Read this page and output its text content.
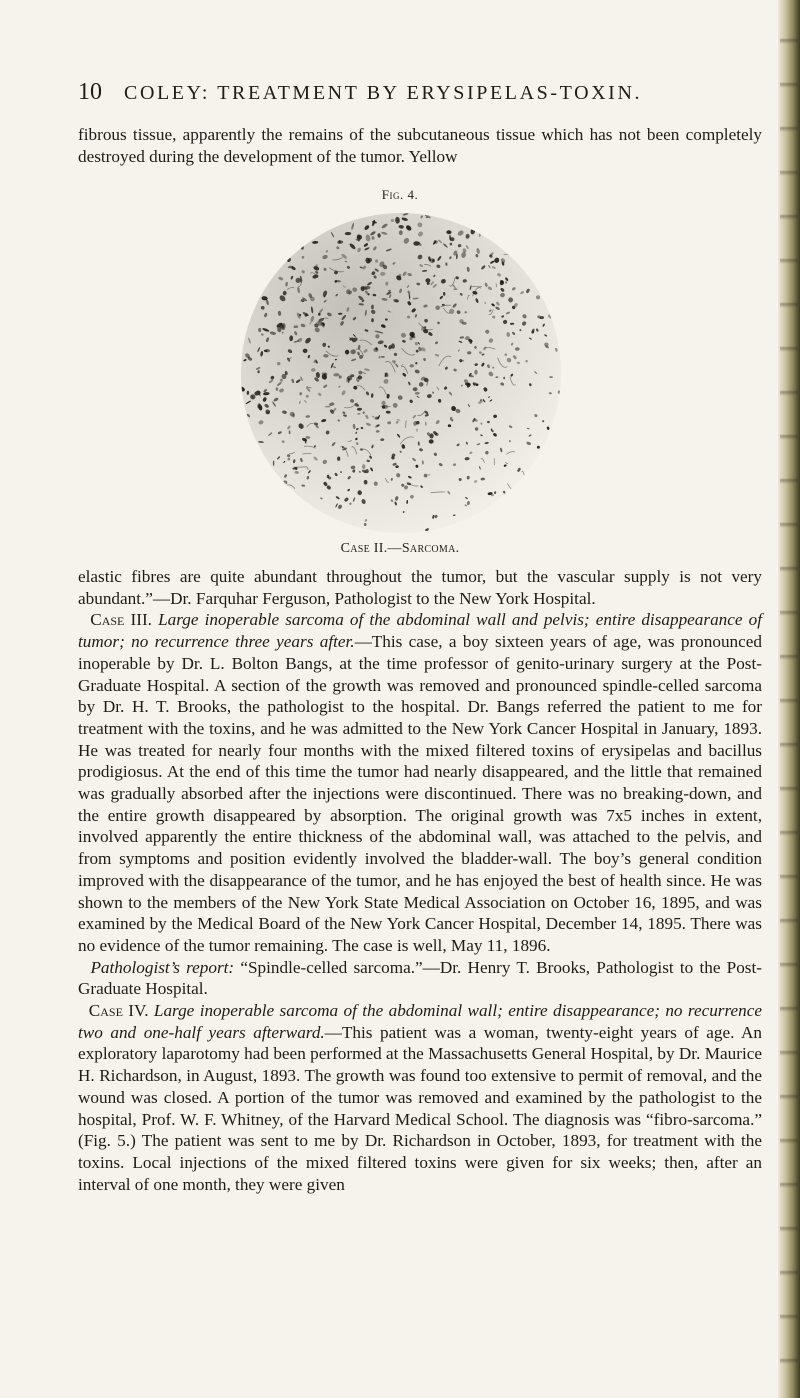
10 COLEY: TREATMENT BY ERYSIPELAS-TOXIN.
fibrous tissue, apparently the remains of the subcutaneous tissue which has not been completely destroyed during the development of the tumor. Yellow
Fig. 4.
Case II.—Sarcoma.

elastic fibres are quite abundant throughout the tumor, but the vascular supply is not very abundant.”—Dr. Farquhar Ferguson, Pathologist to the New York Hospital.

Case III. Large inoperable sarcoma of the abdominal wall and pelvis; entire disappearance of tumor; no recurrence three years after.—This case, a boy sixteen years of age, was pronounced inoperable by Dr. L. Bolton Bangs, at the time professor of genito-urinary surgery at the Post-Graduate Hospital. A section of the growth was removed and pronounced spindle-celled sarcoma by Dr. H. T. Brooks, the pathologist to the hospital. Dr. Bangs referred the patient to me for treatment with the toxins, and he was admitted to the New York Cancer Hospital in January, 1893. He was treated for nearly four months with the mixed filtered toxins of erysipelas and bacillus prodigiosus. At the end of this time the tumor had nearly disappeared, and the little that remained was gradually absorbed after the injections were discontinued. There was no breaking-down, and the entire growth disappeared by absorption. The original growth was 7x5 inches in extent, involved apparently the entire thickness of the abdominal wall, was attached to the pelvis, and from symptoms and position evidently involved the bladder-wall. The boy’s general condition improved with the disappearance of the tumor, and he has enjoyed the best of health since. He was shown to the members of the New York State Medical Association on October 16, 1895, and was examined by the Medical Board of the New York Cancer Hospital, December 14, 1895. There was no evidence of the tumor remaining. The case is well, May 11, 1896.

Pathologist’s report: “Spindle-celled sarcoma.”—Dr. Henry T. Brooks, Pathologist to the Post-Graduate Hospital.

Case IV. Large inoperable sarcoma of the abdominal wall; entire disappearance; no recurrence two and one-half years afterward.—This patient was a woman, twenty-eight years of age. An exploratory laparotomy had been performed at the Massachusetts General Hospital, by Dr. Maurice H. Richardson, in August, 1893. The growth was found too extensive to permit of removal, and the wound was closed. A portion of the tumor was removed and examined by the pathologist to the hospital, Prof. W. F. Whitney, of the Harvard Medical School. The diagnosis was “fibro-sarcoma.” (Fig. 5.) The patient was sent to me by Dr. Richardson in October, 1893, for treatment with the toxins. Local injections of the mixed filtered toxins were given for six weeks; then, after an interval of one month, they were given
